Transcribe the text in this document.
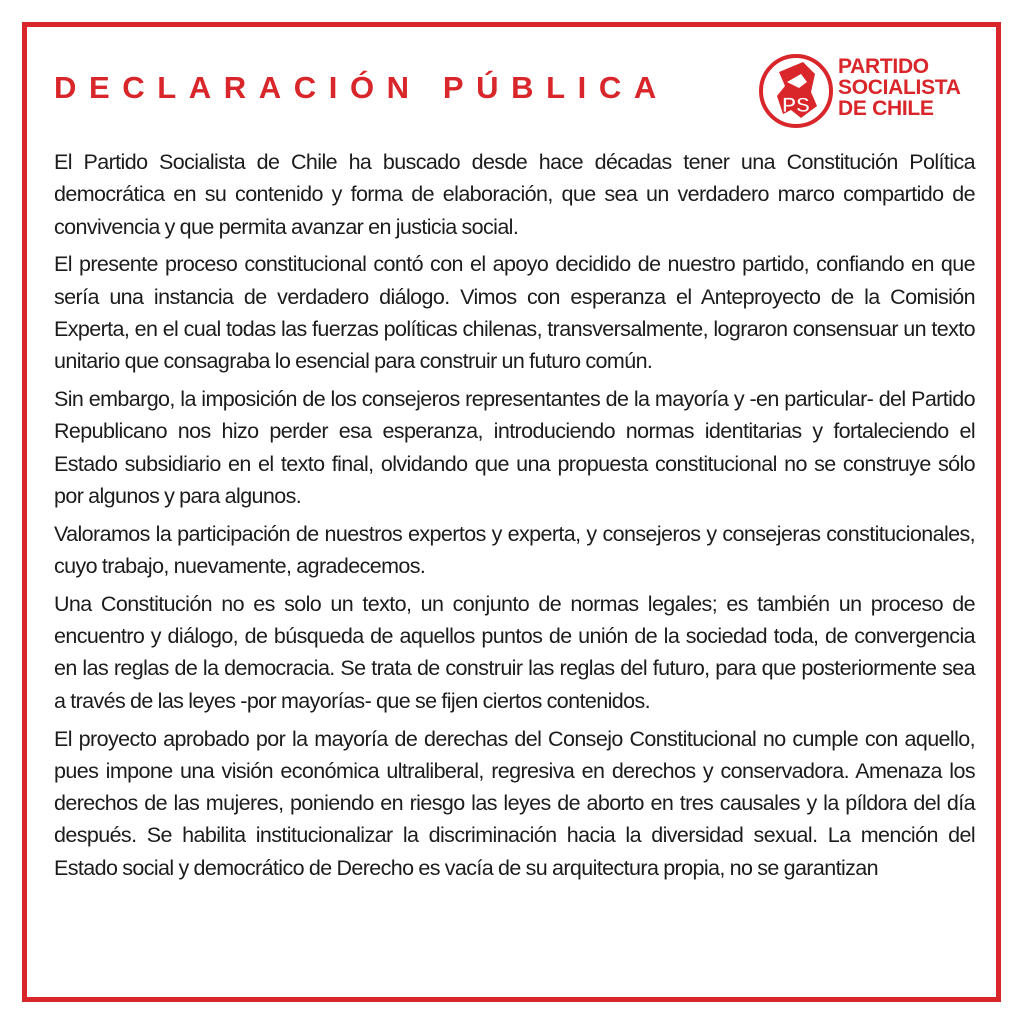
DECLARACIÓN PÚBLICA
PS
PARTIDO
SOCIALISTA
DE CHILE

El Partido Socialista de Chile ha buscado desde hace décadas tener una Constitución Política democrática en su contenido y forma de elaboración, que sea un verdadero marco compartido de convivencia y que permita avanzar en justicia social.

El presente proceso constitucional contó con el apoyo decidido de nuestro partido, confiando en que sería una instancia de verdadero diálogo. Vimos con esperanza el Anteproyecto de la Comisión Experta, en el cual todas las fuerzas políticas chilenas, transversalmente, lograron consensuar un texto unitario que consagraba lo esencial para construir un futuro común.

Sin embargo, la imposición de los consejeros representantes de la mayoría y -en particular- del Partido Republicano nos hizo perder esa esperanza, introduciendo normas identitarias y fortaleciendo el Estado subsidiario en el texto final, olvidando que una propuesta constitucional no se construye sólo por algunos y para algunos.

Valoramos la participación de nuestros expertos y experta, y consejeros y consejeras constitucionales, cuyo trabajo, nuevamente, agradecemos.

Una Constitución no es solo un texto, un conjunto de normas legales; es también un proceso de encuentro y diálogo, de búsqueda de aquellos puntos de unión de la sociedad toda, de convergencia en las reglas de la democracia. Se trata de construir las reglas del futuro, para que posteriormente sea a través de las leyes -por mayorías- que se fijen ciertos contenidos.

El proyecto aprobado por la mayoría de derechas del Consejo Constitucional no cumple con aquello, pues impone una visión económica ultraliberal, regresiva en derechos y conservadora. Amenaza los derechos de las mujeres, poniendo en riesgo las leyes de aborto en tres causales y la píldora del día después. Se habilita institucionalizar la discriminación hacia la diversidad sexual. La mención del Estado social y democrático de Derecho es vacía de su arquitectura propia, no se garantizan
